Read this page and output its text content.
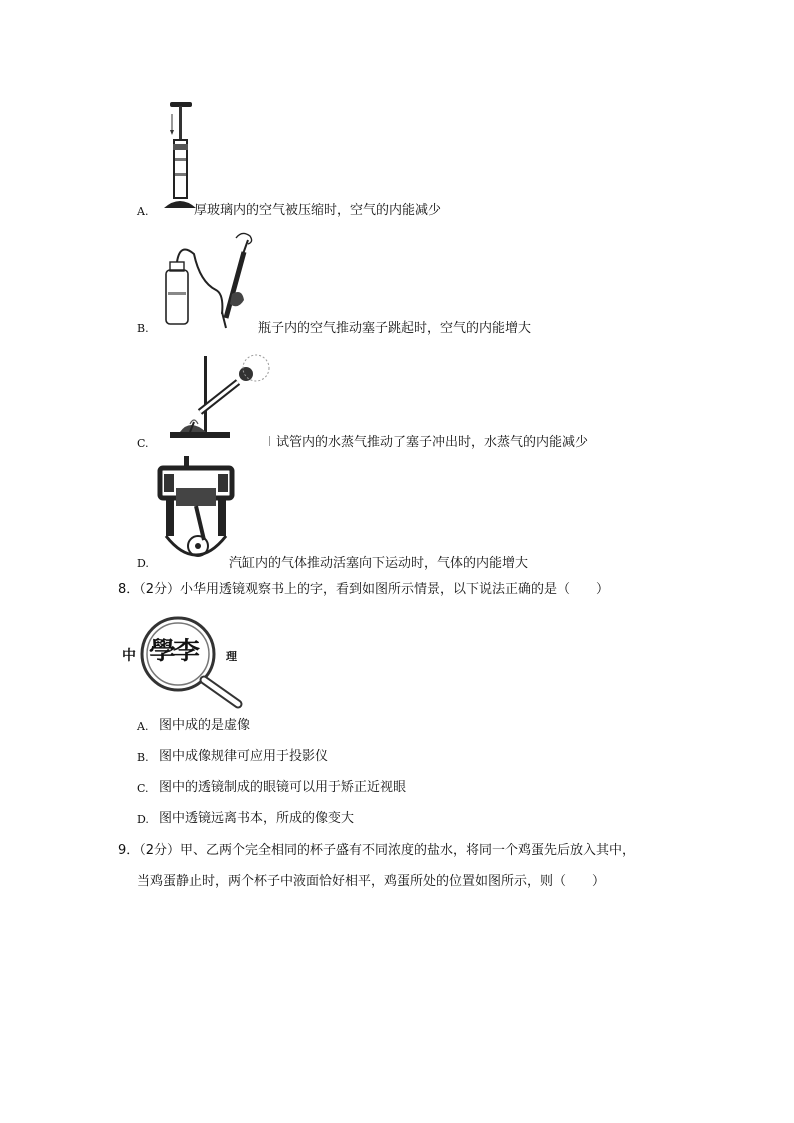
A.	厚玻璃内的空气被压缩时，空气的内能减少
B.	瓶子内的空气推动塞子跳起时，空气的内能增大
C.	试管内的水蒸气推动了塞子冲出时，水蒸气的内能减少
D.	汽缸内的气体推动活塞向下运动时，气体的内能增大
8．（2分）小华用透镜观察书上的字，看到如图所示情景，以下说法正确的是（　　）
中 學李	理
A. 图中成的是虚像
B. 图中成像规律可应用于投影仪
C. 图中的透镜制成的眼镜可以用于矫正近视眼
D. 图中透镜远离书本，所成的像变大
9．（2分）甲、乙两个完全相同的杯子盛有不同浓度的盐水，将同一个鸡蛋先后放入其中，
当鸡蛋静止时，两个杯子中液面恰好相平，鸡蛋所处的位置如图所示，则（　　）
